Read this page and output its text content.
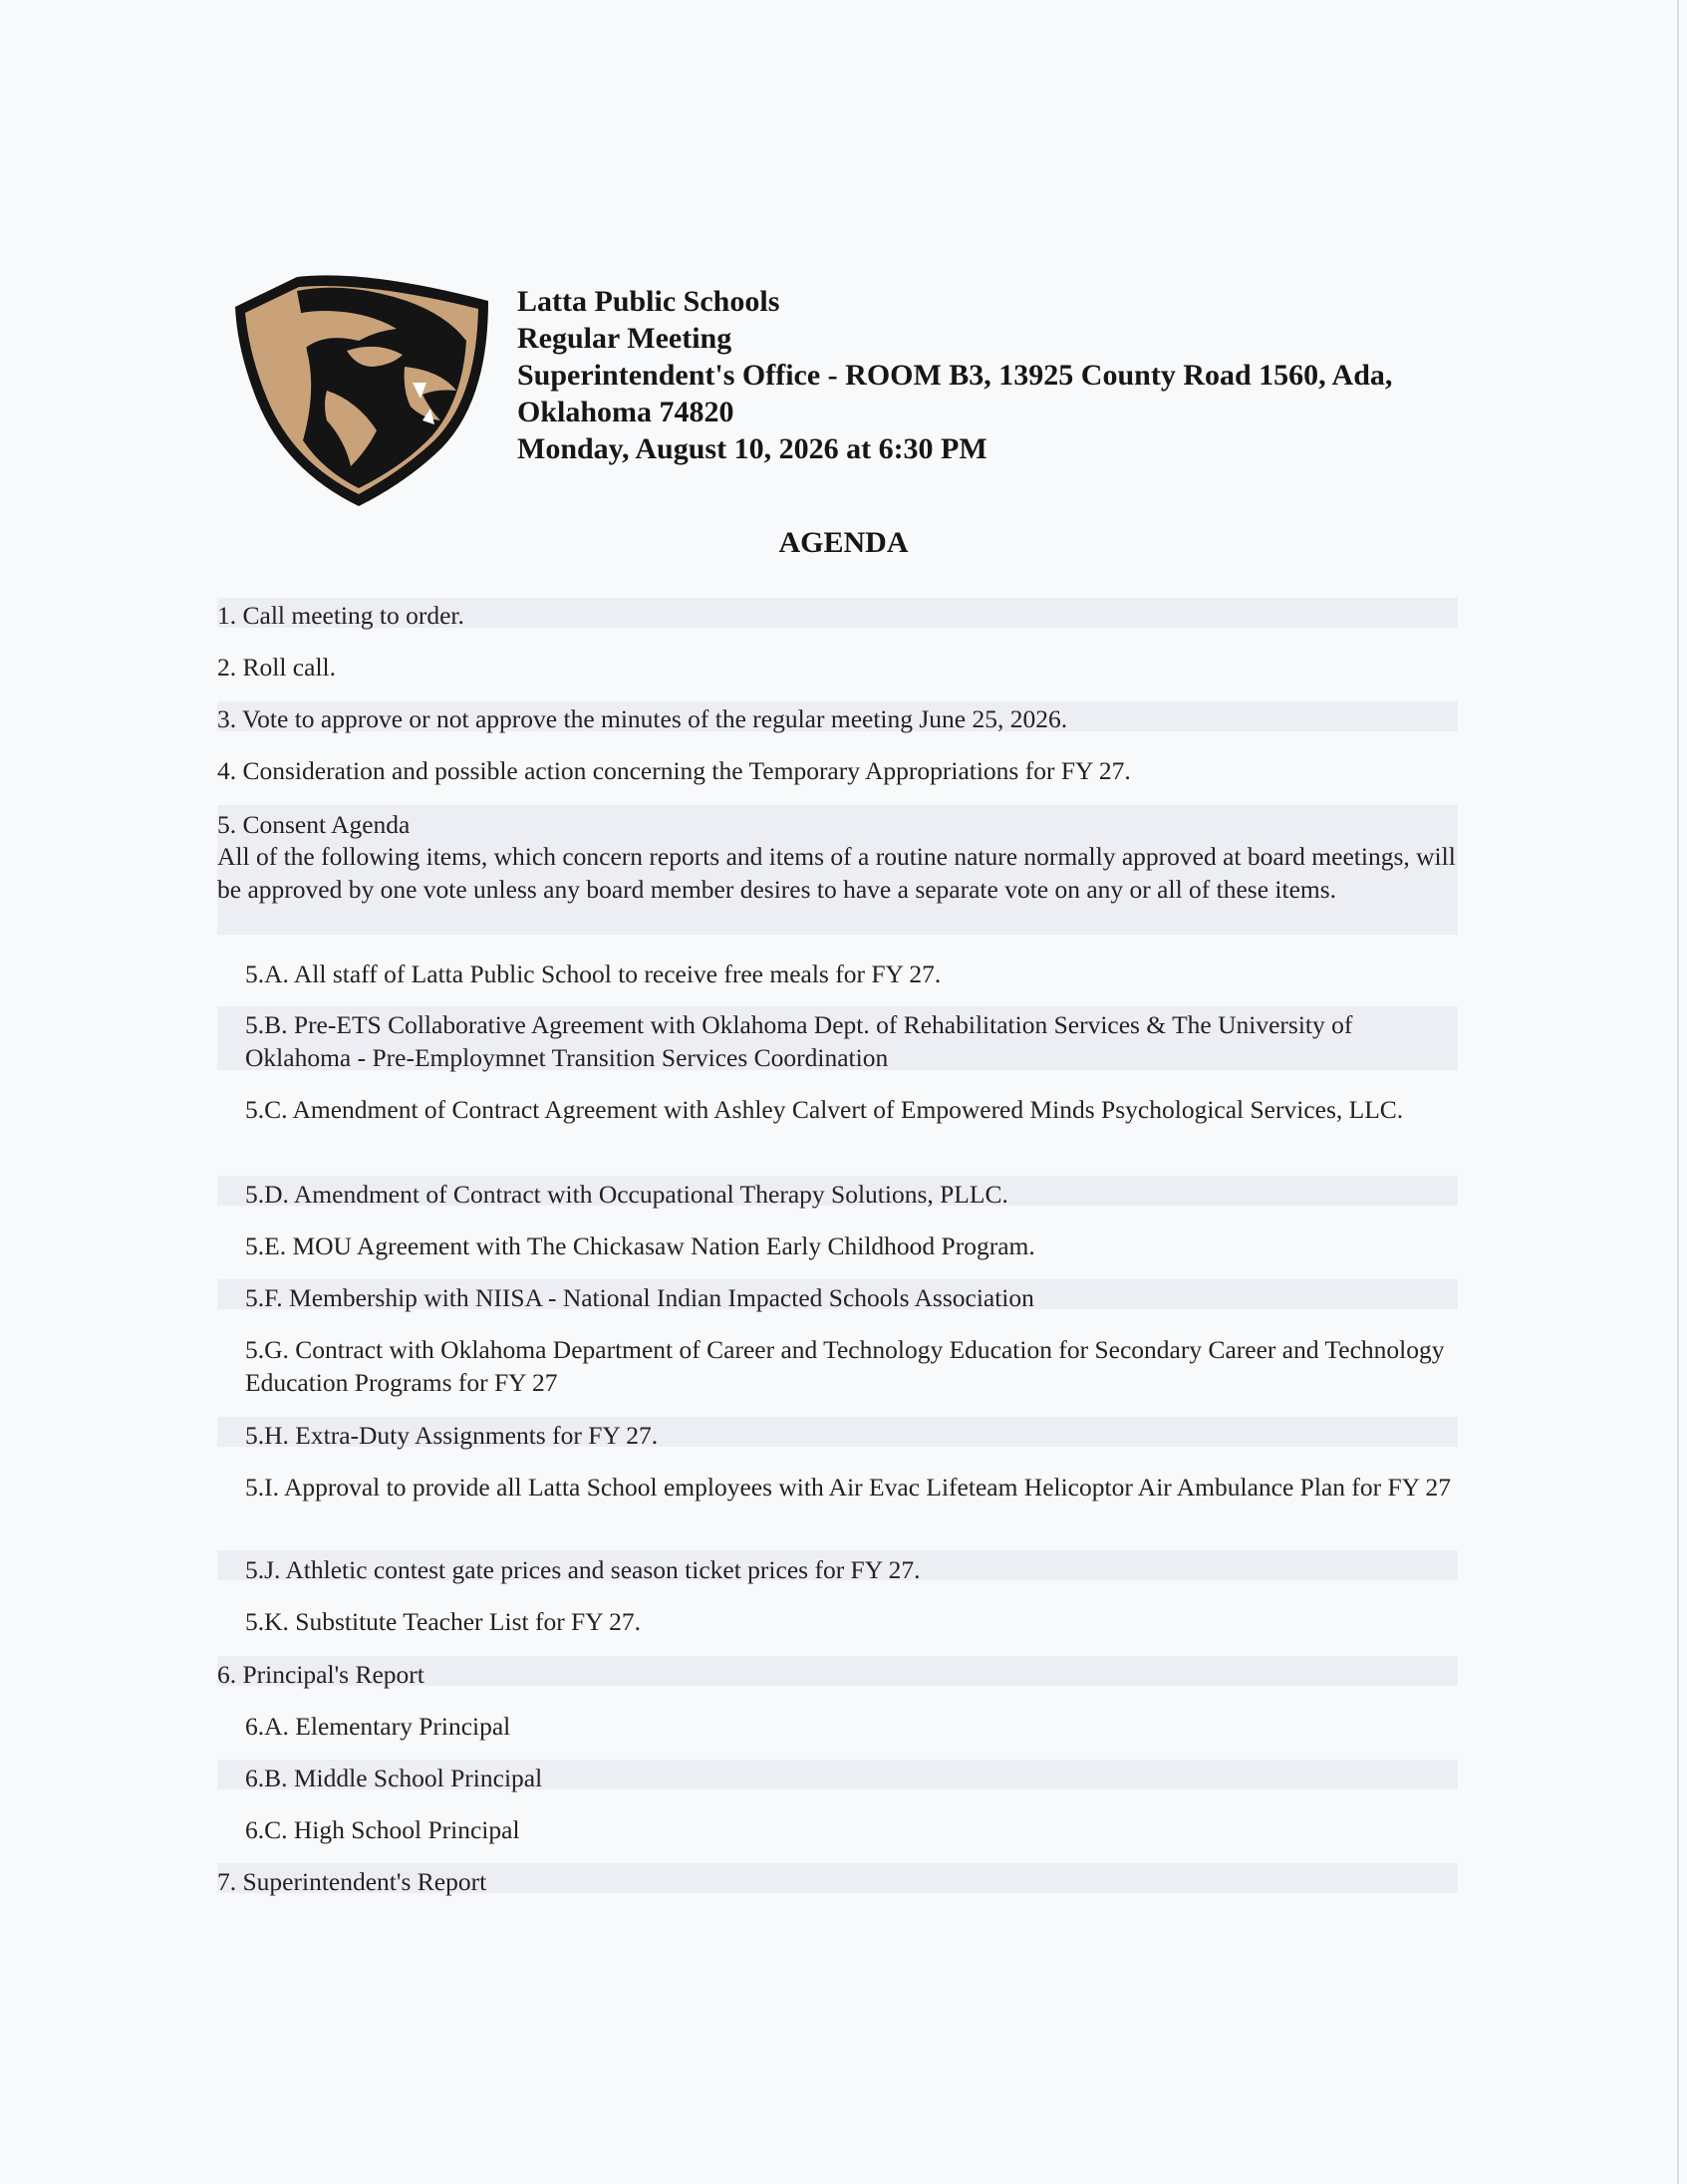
Latta Public Schools
Regular Meeting
Superintendent's Office - ROOM B3, 13925 County Road 1560, Ada,
Oklahoma 74820
Monday, August 10, 2026 at 6:30 PM
AGENDA
1. Call meeting to order.
2. Roll call.
3. Vote to approve or not approve the minutes of the regular meeting June 25, 2026.
4. Consideration and possible action concerning the Temporary Appropriations for FY 27.
5. Consent Agenda
All of the following items, which concern reports and items of a routine nature normally approved at board meetings, will be approved by one vote unless any board member desires to have a separate vote on any or all of these items.
5.A. All staff of Latta Public School to receive free meals for FY 27.
5.B. Pre-ETS Collaborative Agreement with Oklahoma Dept. of Rehabilitation Services & The University of Oklahoma - Pre-Employmnet Transition Services Coordination
5.C. Amendment of Contract Agreement with Ashley Calvert of Empowered Minds Psychological Services, LLC.
5.D. Amendment of Contract with Occupational Therapy Solutions, PLLC.
5.E. MOU Agreement with The Chickasaw Nation Early Childhood Program.
5.F. Membership with NIISA - National Indian Impacted Schools Association
5.G. Contract with Oklahoma Department of Career and Technology Education for Secondary Career and Technology Education Programs for FY 27
5.H. Extra-Duty Assignments for FY 27.
5.I. Approval to provide all Latta School employees with Air Evac Lifeteam Helicoptor Air Ambulance Plan for FY 27
5.J. Athletic contest gate prices and season ticket prices for FY 27.
5.K. Substitute Teacher List for FY 27.
6. Principal's Report
6.A. Elementary Principal
6.B. Middle School Principal
6.C. High School Principal
7. Superintendent's Report
